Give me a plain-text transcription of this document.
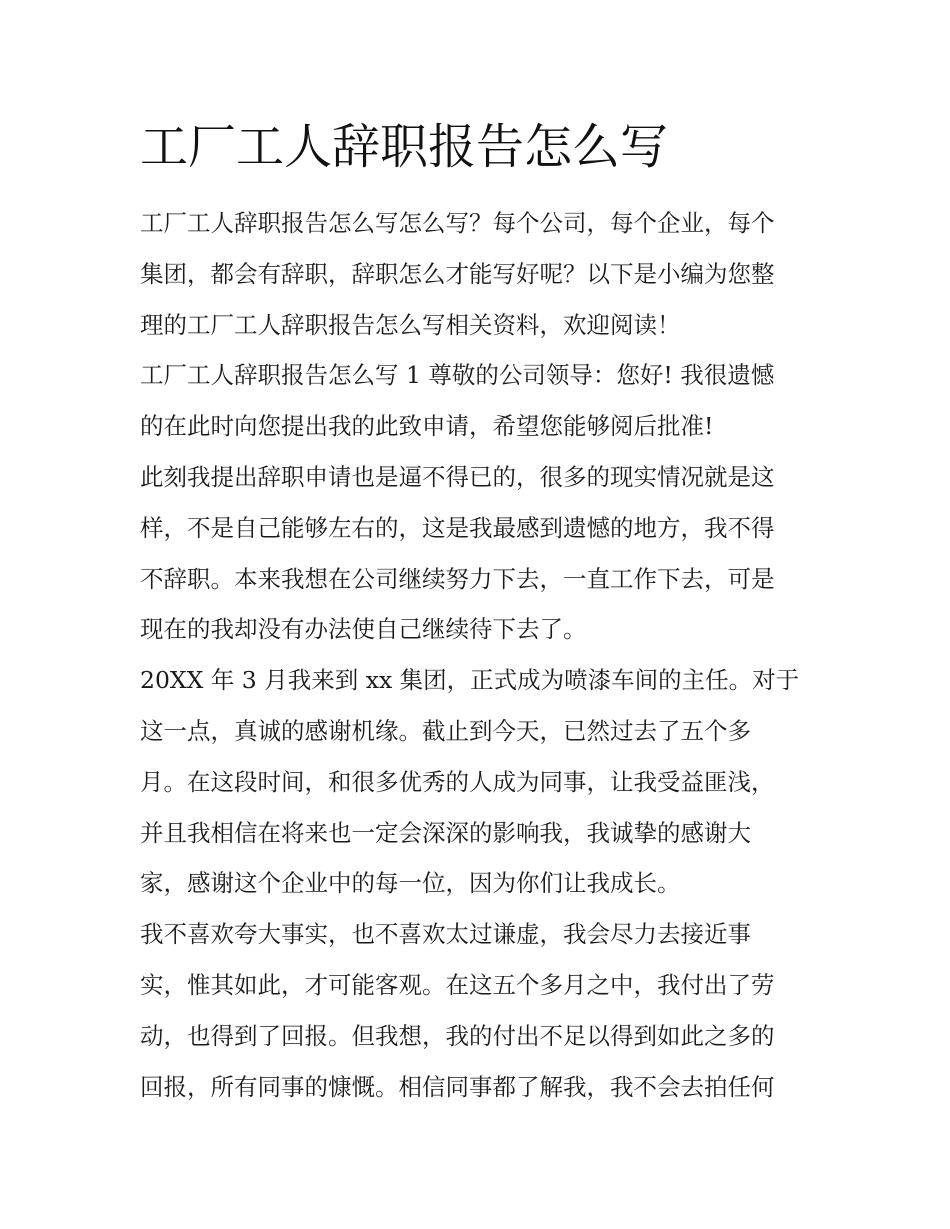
工厂工人辞职报告怎么写
工厂工人辞职报告怎么写怎么写？每个公司，每个企业，每个
集团，都会有辞职，辞职怎么才能写好呢？以下是小编为您整
理的工厂工人辞职报告怎么写相关资料，欢迎阅读！
工厂工人辞职报告怎么写 1 尊敬的公司领导：您好! 我很遗憾
的在此时向您提出我的此致申请，希望您能够阅后批准!
此刻我提出辞职申请也是逼不得已的，很多的现实情况就是这
样，不是自己能够左右的，这是我最感到遗憾的地方，我不得
不辞职。本来我想在公司继续努力下去，一直工作下去，可是
现在的我却没有办法使自己继续待下去了。
20XX 年 3 月我来到 xx 集团，正式成为喷漆车间的主任。对于
这一点，真诚的感谢机缘。截止到今天，已然过去了五个多
月。在这段时间，和很多优秀的人成为同事，让我受益匪浅，
并且我相信在将来也一定会深深的影响我，我诚挚的感谢大
家，感谢这个企业中的每一位，因为你们让我成长。
我不喜欢夸大事实，也不喜欢太过谦虚，我会尽力去接近事
实，惟其如此，才可能客观。在这五个多月之中，我付出了劳
动，也得到了回报。但我想，我的付出不足以得到如此之多的
回报，所有同事的慷慨。相信同事都了解我，我不会去拍任何
